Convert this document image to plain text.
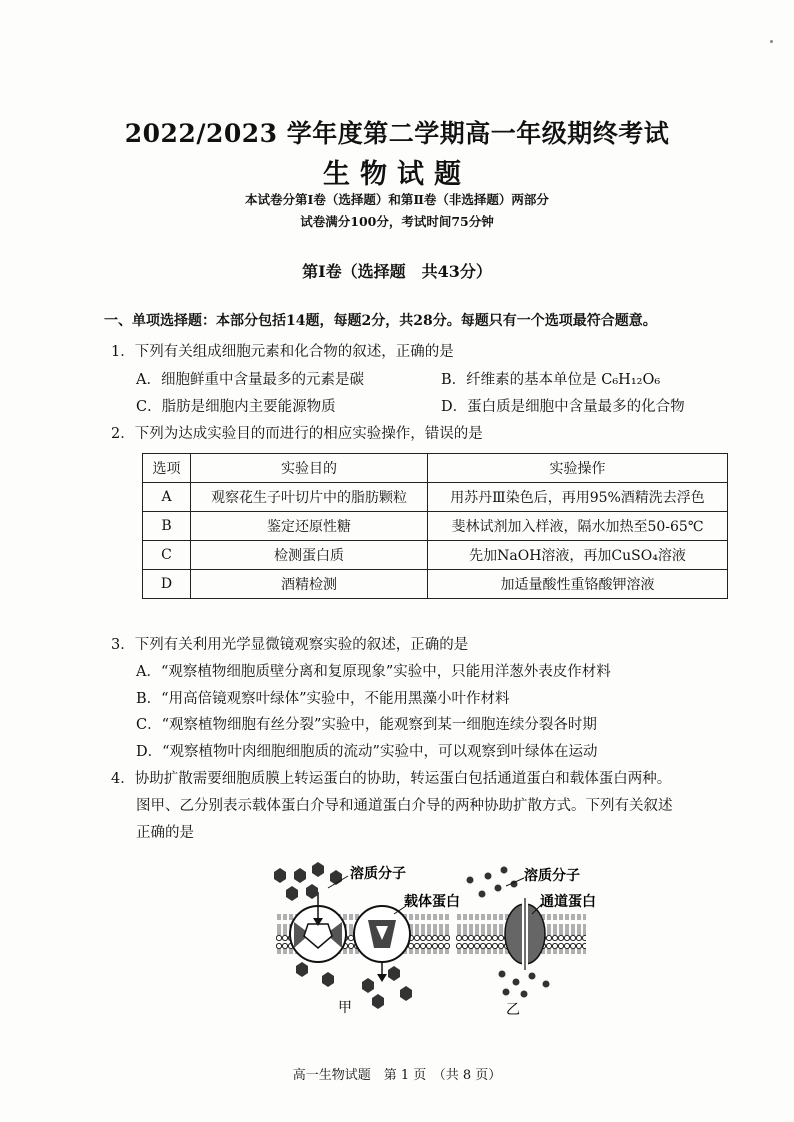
2022/2023 学年度第二学期高一年级期终考试
生物试题
本试卷分第Ⅰ卷（选择题）和第Ⅱ卷（非选择题）两部分
试卷满分100分，考试时间75分钟
第Ⅰ卷（选择题　共43分）
一、单项选择题：本部分包括14题，每题2分，共28分。每题只有一个选项最符合题意。
1．下列有关组成细胞元素和化合物的叙述，正确的是
A．细胞鲜重中含量最多的元素是碳	B．纤维素的基本单位是 C₆H₁₂O₆
C．脂肪是细胞内主要能源物质	D．蛋白质是细胞中含量最多的化合物
2．下列为达成实验目的而进行的相应实验操作，错误的是
选项	实验目的	实验操作
A	观察花生子叶切片中的脂肪颗粒	用苏丹Ⅲ染色后，再用95%酒精洗去浮色
B	鉴定还原性糖	斐林试剂加入样液，隔水加热至50-65℃
C	检测蛋白质	先加NaOH溶液，再加CuSO₄溶液
D	酒精检测	加适量酸性重铬酸钾溶液
3．下列有关利用光学显微镜观察实验的叙述，正确的是
A．“观察植物细胞质壁分离和复原现象”实验中，只能用洋葱外表皮作材料
B．“用高倍镜观察叶绿体”实验中，不能用黑藻小叶作材料
C．“观察植物细胞有丝分裂”实验中，能观察到某一细胞连续分裂各时期
D．“观察植物叶肉细胞细胞质的流动”实验中，可以观察到叶绿体在运动
4．协助扩散需要细胞质膜上转运蛋白的协助，转运蛋白包括通道蛋白和载体蛋白两种。
图甲、乙分别表示载体蛋白介导和通道蛋白介导的两种协助扩散方式。下列有关叙述
正确的是
溶质分子
载体蛋白
甲
溶质分子
通道蛋白
乙
高一生物试题　第 1 页　（共 8 页）
